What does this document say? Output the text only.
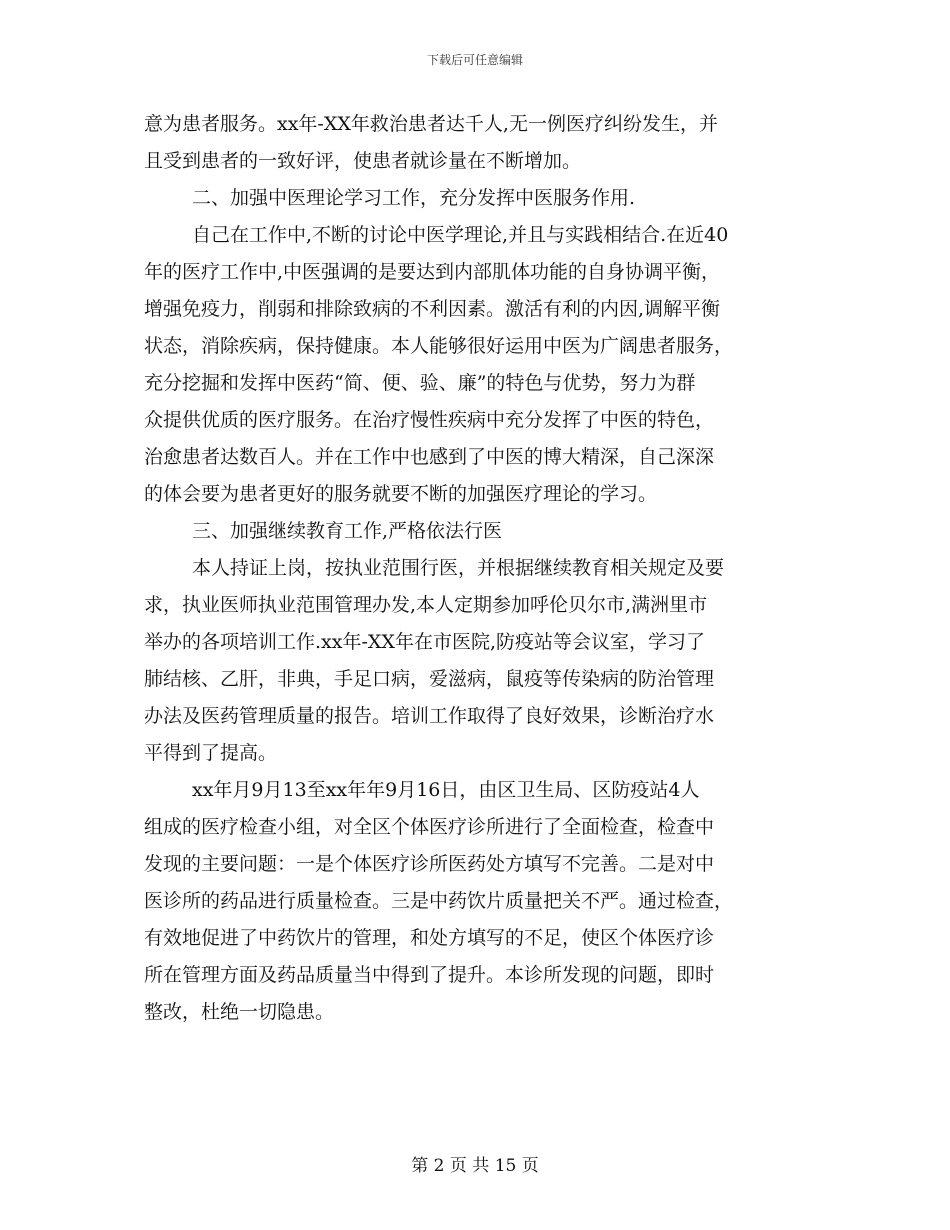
下载后可任意编辑
意为患者服务。xx年-XX年救治患者达千人,无一例医疗纠纷发生，并
且受到患者的一致好评，使患者就诊量在不断增加。
二、加强中医理论学习工作，充分发挥中医服务作用.
自己在工作中,不断的讨论中医学理论,并且与实践相结合.在近40
年的医疗工作中,中医强调的是要达到内部肌体功能的自身协调平衡，
增强免疫力，削弱和排除致病的不利因素。激活有利的内因,调解平衡
状态，消除疾病，保持健康。本人能够很好运用中医为广阔患者服务，
充分挖掘和发挥中医药“简、便、验、廉”的特色与优势，努力为群
众提供优质的医疗服务。在治疗慢性疾病中充分发挥了中医的特色，
治愈患者达数百人。并在工作中也感到了中医的博大精深，自己深深
的体会要为患者更好的服务就要不断的加强医疗理论的学习。
三、加强继续教育工作,严格依法行医
本人持证上岗，按执业范围行医，并根据继续教育相关规定及要
求，执业医师执业范围管理办发,本人定期参加呼伦贝尔市,满洲里市
举办的各项培训工作.xx年-XX年在市医院,防疫站等会议室，学习了
肺结核、乙肝，非典，手足口病，爱滋病，鼠疫等传染病的防治管理
办法及医药管理质量的报告。培训工作取得了良好效果，诊断治疗水
平得到了提高。
xx年月9月13至xx年年9月16日，由区卫生局、区防疫站4人
组成的医疗检查小组，对全区个体医疗诊所进行了全面检查，检查中
发现的主要问题：一是个体医疗诊所医药处方填写不完善。二是对中
医诊所的药品进行质量检查。三是中药饮片质量把关不严。通过检查，
有效地促进了中药饮片的管理，和处方填写的不足，使区个体医疗诊
所在管理方面及药品质量当中得到了提升。本诊所发现的问题，即时
整改，杜绝一切隐患。
第 2 页 共 15 页
